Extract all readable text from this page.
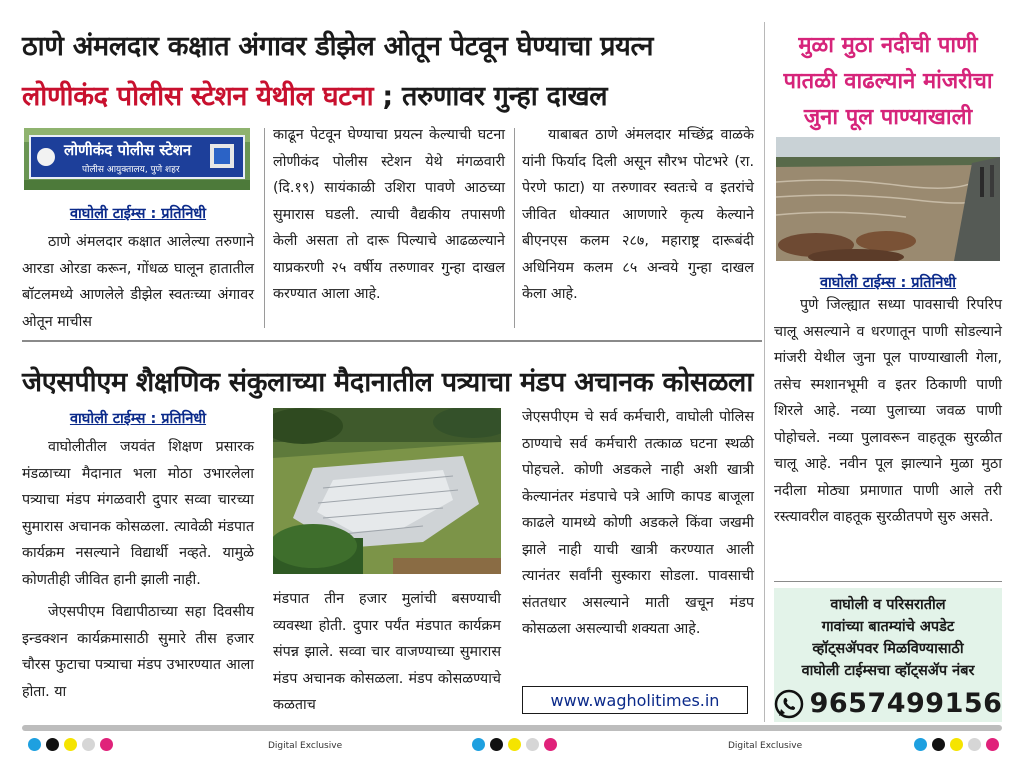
ठाणे अंमलदार कक्षात अंगावर डीझेल ओतून पेटवून घेण्याचा प्रयत्न
लोणीकंद पोलीस स्टेशन येथील घटना ; तरुणावर गुन्हा दाखल
लोणीकंद पोलीस स्टेशन
पोलीस आयुक्तालय, पुणे शहर
वाघोली टाईम्स : प्रतिनिधी
ठाणे अंमलदार कक्षात आलेल्या तरुणाने आरडा ओरडा करून, गोंधळ घालून हातातील बॉटलमध्ये आणलेले डीझेल स्वतःच्या अंगावर ओतून माचीस
काढून पेटवून घेण्याचा प्रयत्न केल्याची घटना लोणीकंद पोलीस स्टेशन येथे मंगळवारी (दि.१९) सायंकाळी उशिरा पावणे आठच्या सुमारास घडली. त्याची वैद्यकीय तपासणी केली असता तो दारू पिल्याचे आढळल्याने याप्रकरणी २५ वर्षीय तरुणावर गुन्हा दाखल करण्यात आला आहे.
याबाबत ठाणे अंमलदार मच्छिंद्र वाळके यांनी फिर्याद दिली असून सौरभ पोटभरे (रा. पेरणे फाटा) या तरुणावर स्वतःचे व इतरांचे जीवित धोक्यात आणणारे कृत्य केल्याने बीएनएस कलम २८७, महाराष्ट्र दारूबंदी अधिनियम कलम ८५ अन्वये गुन्हा दाखल केला आहे.
जेएसपीएम शैक्षणिक संकुलाच्या मैदानातील पत्र्याचा मंडप अचानक कोसळला
वाघोली टाईम्स : प्रतिनिधी

वाघोलीतील जयवंत शिक्षण प्रसारक मंडळाच्या मैदानात भला मोठा उभारलेला पत्र्याचा मंडप मंगळवारी दुपार सव्वा चारच्या सुमारास अचानक कोसळला. त्यावेळी मंडपात कार्यक्रम नसल्याने विद्यार्थी नव्हते. यामुळे कोणतीही जीवित हानी झाली नाही.

जेएसपीएम विद्यापीठाच्या सहा दिवसीय इन्डक्शन कार्यक्रमासाठी सुमारे तीस हजार चौरस फुटाचा पत्र्याचा मंडप उभारण्यात आला होता. या

मंडपात तीन हजार मुलांची बसण्याची व्यवस्था होती. दुपार पर्यंत मंडपात कार्यक्रम संपन्न झाले. सव्वा चार वाजण्याच्या सुमारास मंडप अचानक कोसळला. मंडप कोसळण्याचे कळताच
जेएसपीएम चे सर्व कर्मचारी, वाघोली पोलिस ठाण्याचे सर्व कर्मचारी तत्काळ घटना स्थळी पोहचले. कोणी अडकले नाही अशी खात्री केल्यानंतर मंडपाचे पत्रे आणि कापड बाजूला काढले यामध्ये कोणी अडकले किंवा जखमी झाले नाही याची खात्री करण्यात आली त्यानंतर सर्वांनी सुस्कारा सोडला. पावसाची संततधार असल्याने माती खचून मंडप कोसळला असल्याची शक्यता आहे.
www.wagholitimes.in
मुळा मुठा नदीची पाणी पातळी वाढल्याने मांजरीचा जुना पूल पाण्याखाली
वाघोली टाईम्स : प्रतिनिधी
पुणे जिल्ह्यात सध्या पावसाची रिपरिप चालू असल्याने व धरणातून पाणी सोडल्याने मांजरी येथील जुना पूल पाण्याखाली गेला, तसेच स्मशानभूमी व इतर ठिकाणी पाणी शिरले आहे. नव्या पुलाच्या जवळ पाणी पोहोचले. नव्या पुलावरून वाहतूक सुरळीत चालू आहे. नवीन पूल झाल्याने मुळा मुठा नदीला मोठ्या प्रमाणात पाणी आले तरी रस्त्यावरील वाहतूक सुरळीतपणे सुरु असते.
वाघोली व परिसरातील
गावांच्या बातम्यांचे अपडेट
व्हॉट्सॲपवर मिळविण्यासाठी
वाघोली टाईम्सचा व्हॉट्सॲप नंबर
9657499156
Digital Exclusive	Digital Exclusive
